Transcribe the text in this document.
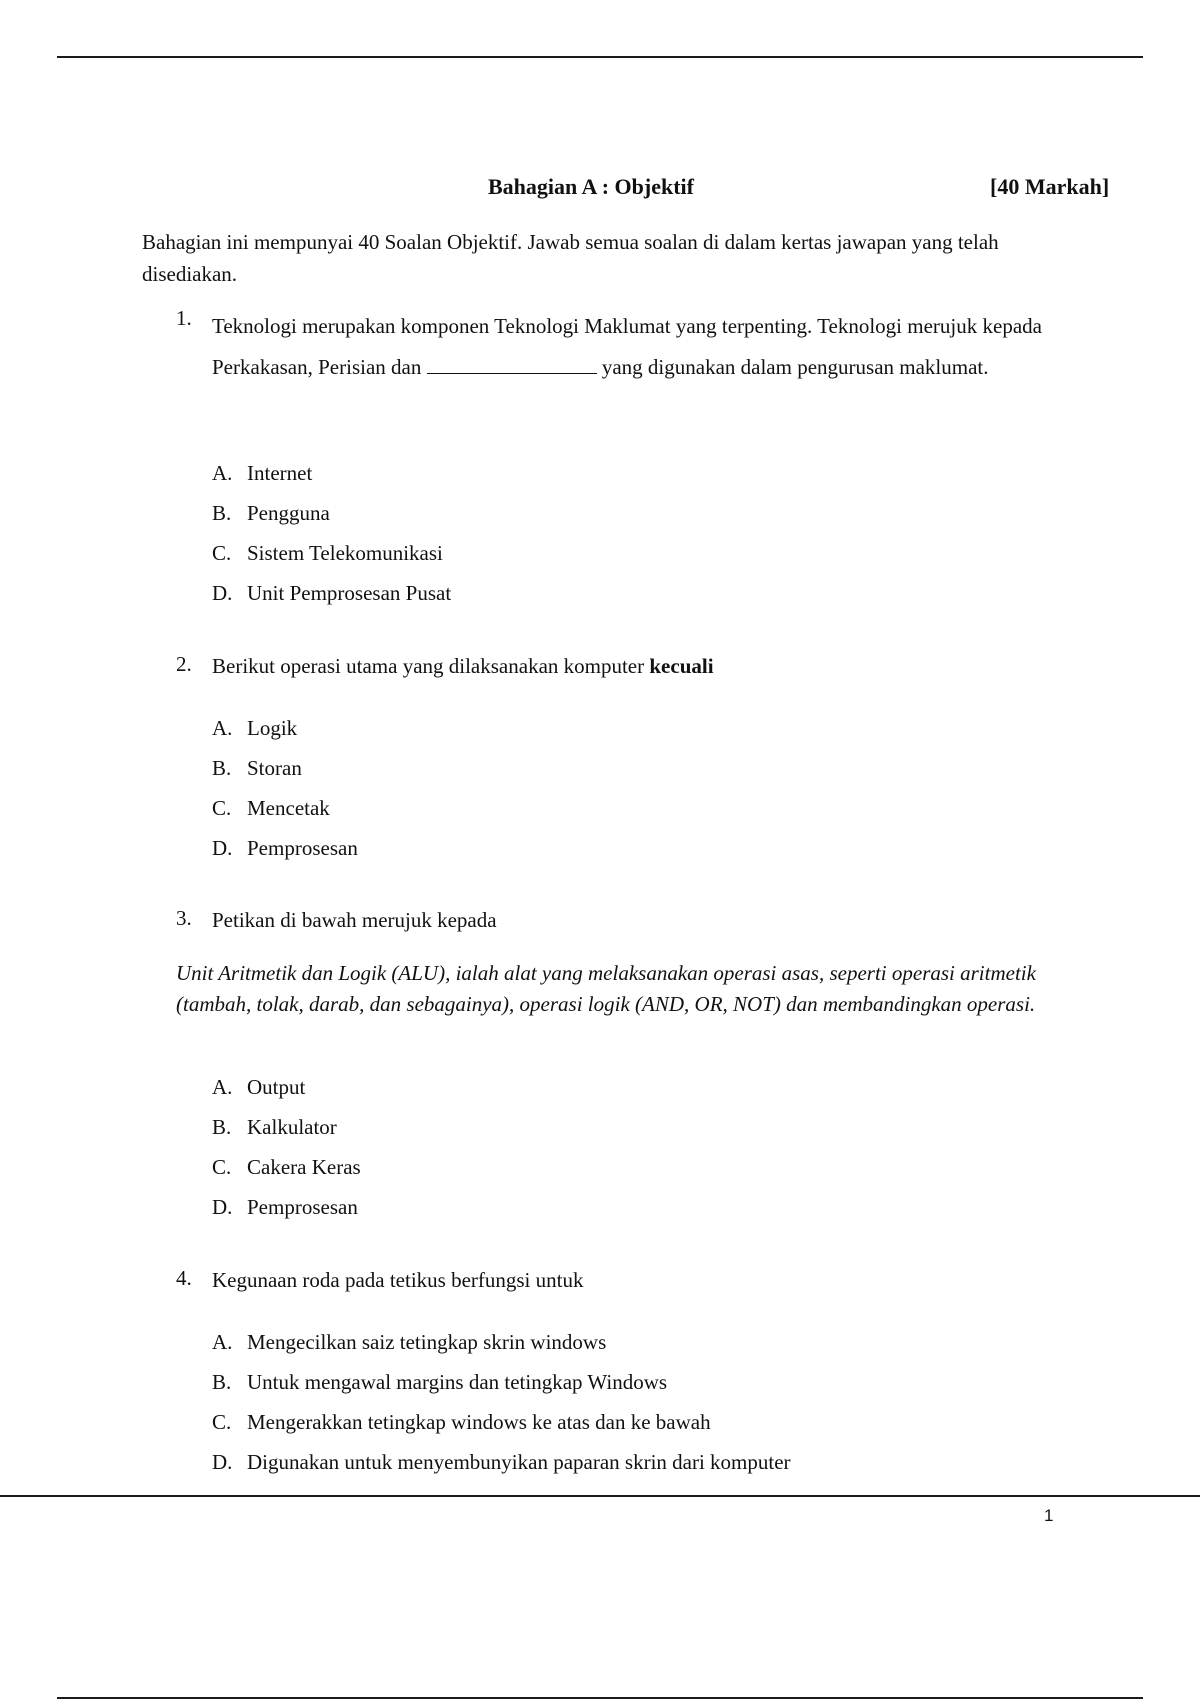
Bahagian A : Objektif	[40 Markah]
Bahagian ini mempunyai 40 Soalan Objektif. Jawab semua soalan di dalam kertas jawapan yang telah disediakan.
1. Teknologi merupakan komponen Teknologi Maklumat yang terpenting. Teknologi merujuk kepada Perkakasan, Perisian dan	yang digunakan dalam pengurusan maklumat.
A. Internet
B. Pengguna
C. Sistem Telekomunikasi
D. Unit Pemprosesan Pusat
2. Berikut operasi utama yang dilaksanakan komputer kecuali
A. Logik
B. Storan
C. Mencetak
D. Pemprosesan
3. Petikan di bawah merujuk kepada
Unit Aritmetik dan Logik (ALU), ialah alat yang melaksanakan operasi asas, seperti operasi aritmetik (tambah, tolak, darab, dan sebagainya), operasi logik (AND, OR, NOT) dan membandingkan operasi.
A. Output
B. Kalkulator
C. Cakera Keras
D. Pemprosesan
4. Kegunaan roda pada tetikus berfungsi untuk
A. Mengecilkan saiz tetingkap skrin windows
B. Untuk mengawal margins dan tetingkap Windows
C. Mengerakkan tetingkap windows ke atas dan ke bawah
D. Digunakan untuk menyembunyikan paparan skrin dari komputer
1
